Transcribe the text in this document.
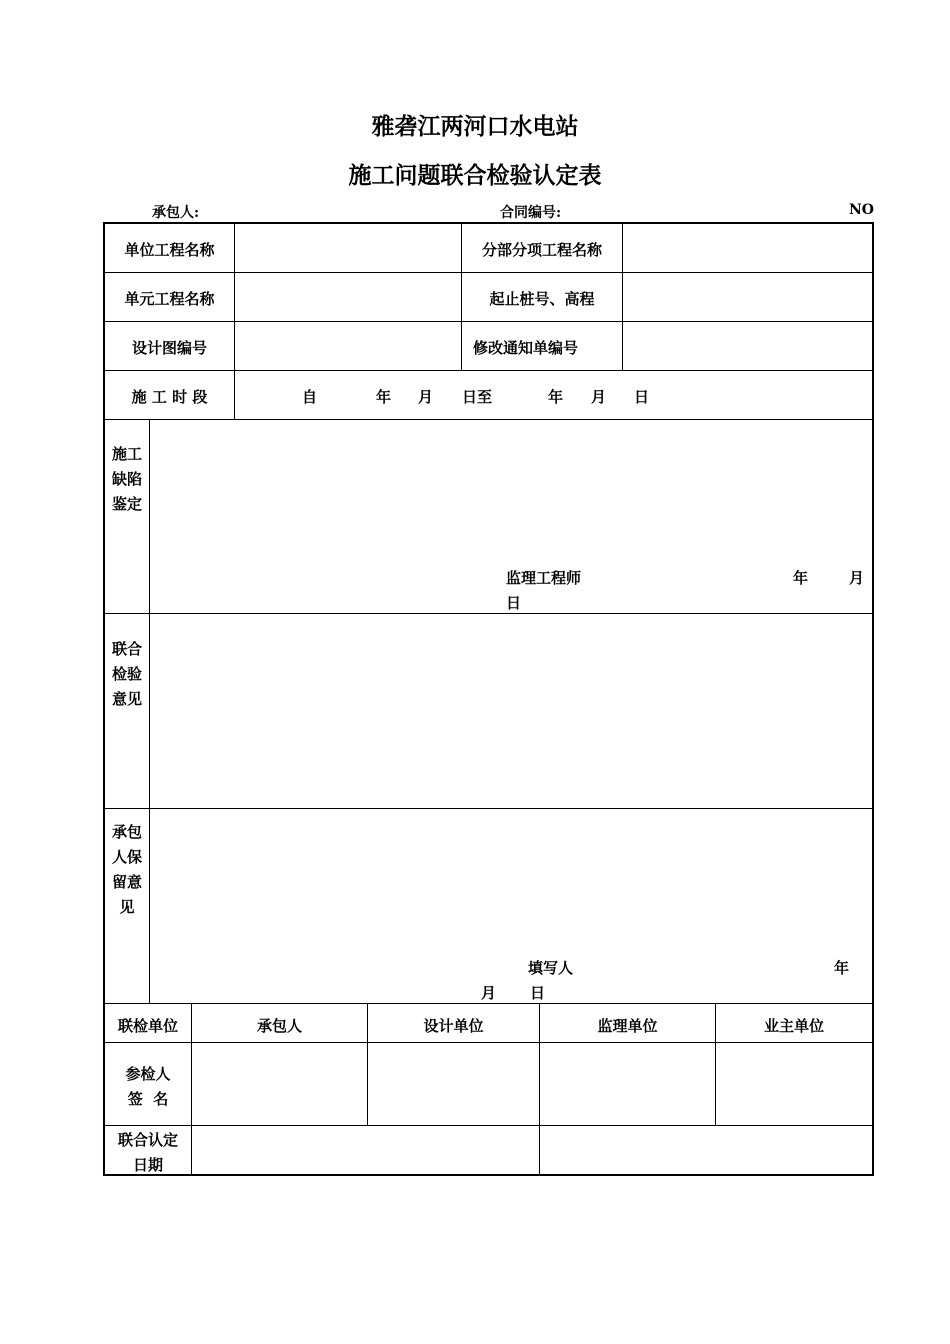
雅砻江两河口水电站
施工问题联合检验认定表
承包人:	合同编号:	NO
单位工程名称	分部分项工程名称
单元工程名称	起止桩号、高程
设计图编号	修改通知单编号
施 工 时 段	自	年 月 日至	年 月 日
施工缺陷鉴定
监理工程师	年	月
日
联合检验意见
承包人保留意见
填写人	年
月 日
联检单位	承包人	设计单位	监理单位	业主单位
参检人
签  名
联合认定
日期
